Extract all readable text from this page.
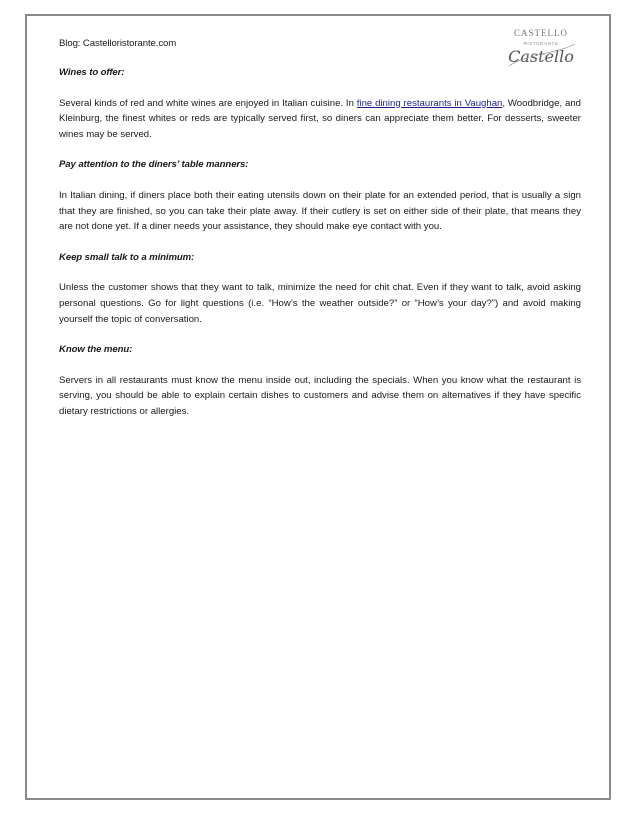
Blog: Castelloristorante.com
CASTELLO
RISTORANTE
Castello
Wines to offer:
Several kinds of red and white wines are enjoyed in Italian cuisine. In fine dining restaurants in Vaughan, Woodbridge, and Kleinburg, the finest whites or reds are typically served first, so diners can appreciate them better. For desserts, sweeter wines may be served.
Pay attention to the diners’ table manners:
In Italian dining, if diners place both their eating utensils down on their plate for an extended period, that is usually a sign that they are finished, so you can take their plate away. If their cutlery is set on either side of their plate, that means they are not done yet. If a diner needs your assistance, they should make eye contact with you.
Keep small talk to a minimum:
Unless the customer shows that they want to talk, minimize the need for chit chat. Even if they want to talk, avoid asking personal questions. Go for light questions (i.e. “How’s the weather outside?” or “How’s your day?”) and avoid making yourself the topic of conversation.
Know the menu:
Servers in all restaurants must know the menu inside out, including the specials. When you know what the restaurant is serving, you should be able to explain certain dishes to customers and advise them on alternatives if they have specific dietary restrictions or allergies.
